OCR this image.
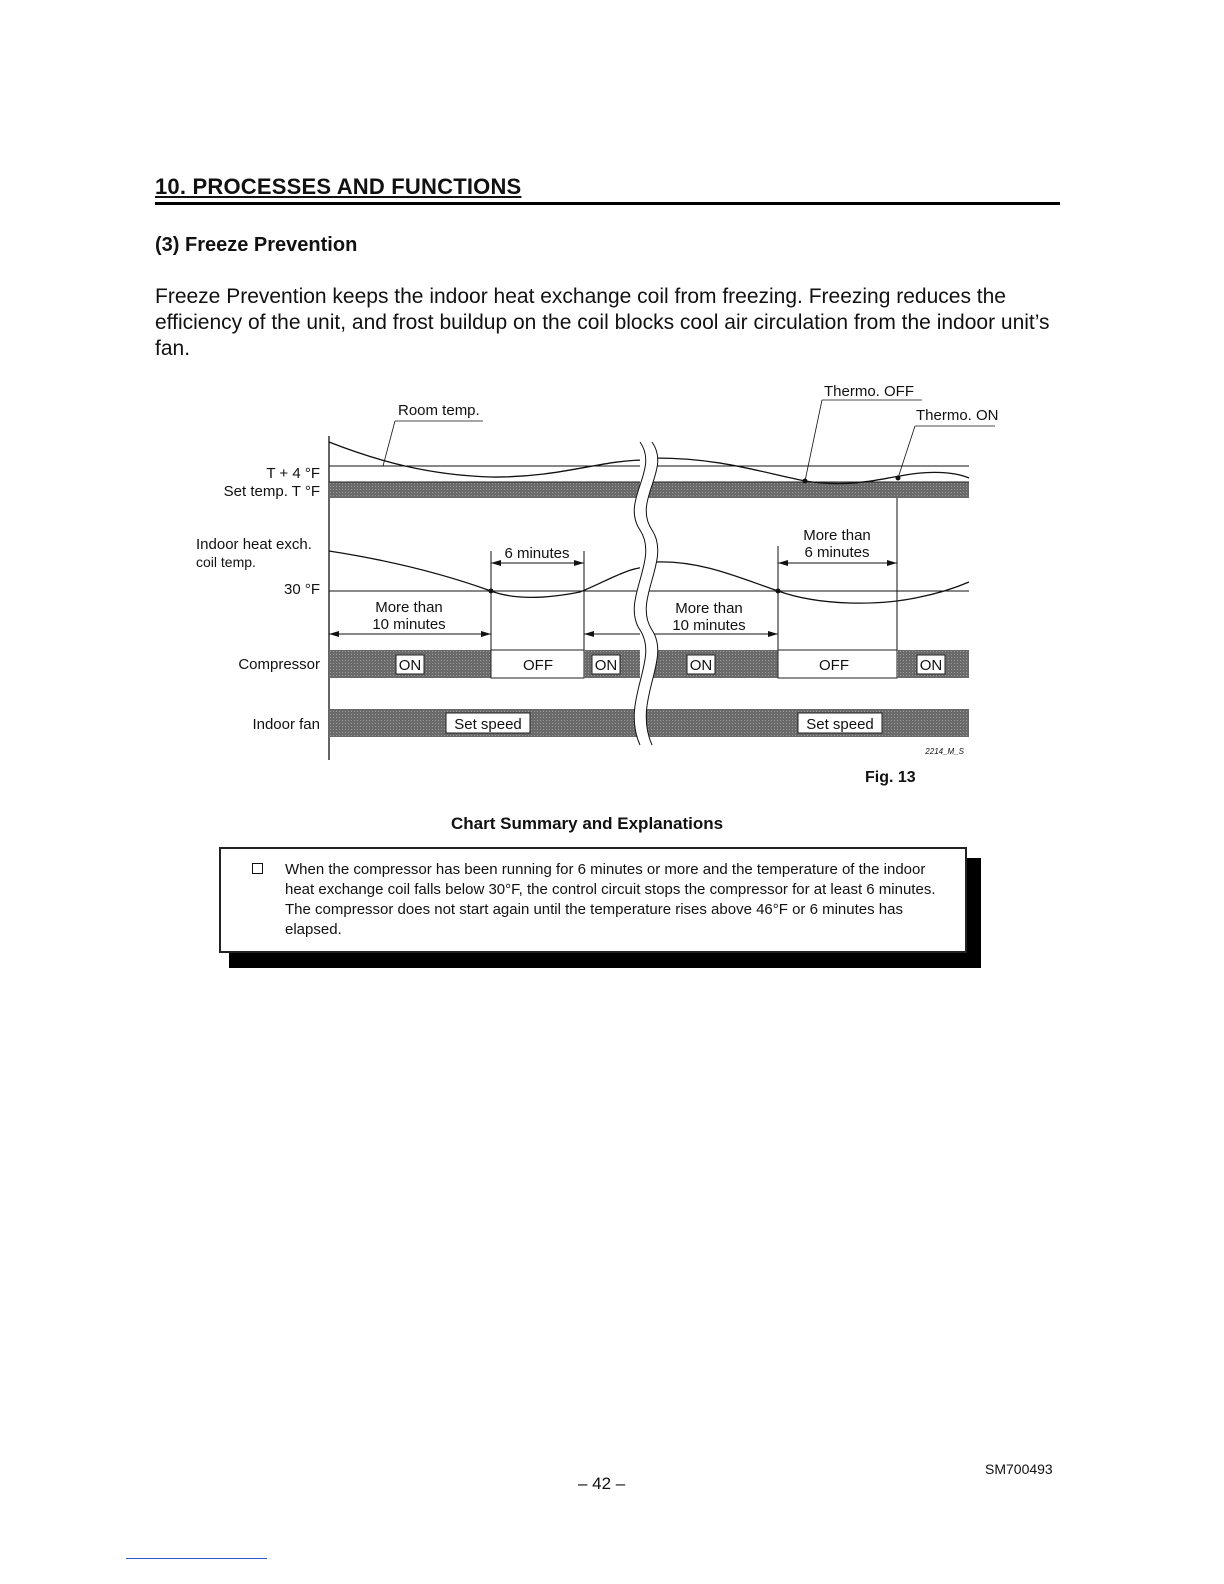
10. PROCESSES AND FUNCTIONS
(3) Freeze Prevention
Freeze Prevention keeps the indoor heat exchange coil from freezing. Freezing reduces the efficiency of the unit, and frost buildup on the coil blocks cool air circulation from the indoor unit’s fan.
Room temp.
Thermo. OFF
Thermo. ON
T + 4 °F
Set temp. T °F
Indoor heat exch.
coil temp.
30 °F
Compressor
Indoor fan
6 minutes
More than
6 minutes
More than
10 minutes
More than
10 minutes
ON	OFF	ON	ON	OFF	ON
Set speed	Set speed
2214_M_S
Fig. 13
Chart Summary and Explanations
When the compressor has been running for 6 minutes or more and the temperature of the indoor heat exchange coil falls below 30°F, the control circuit stops the compressor for at least 6 minutes. The compressor does not start again until the temperature rises above 46°F or 6 minutes has elapsed.
– 42 –
SM700493
